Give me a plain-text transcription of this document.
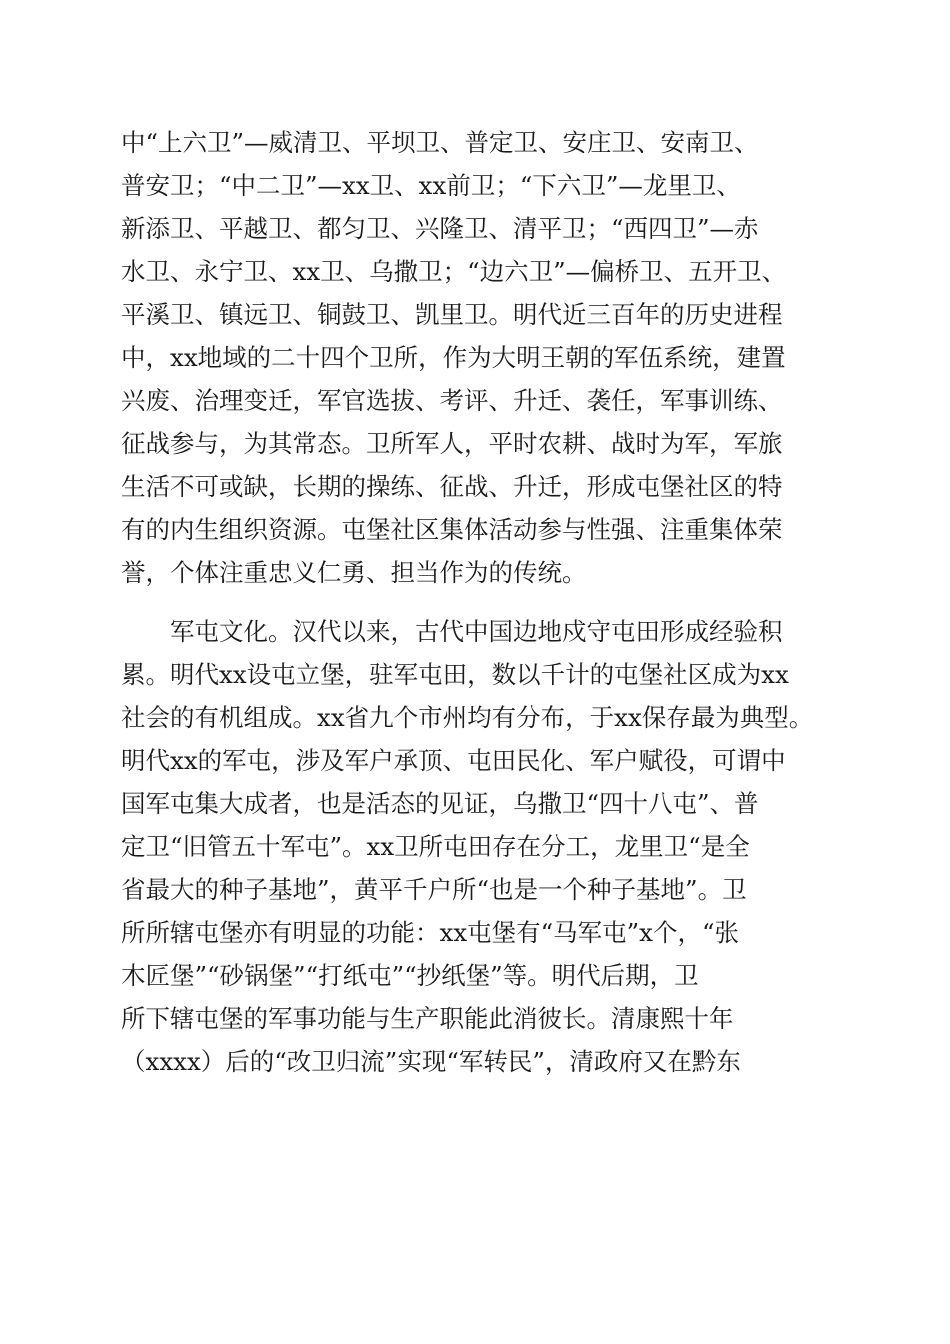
中“上六卫”—威清卫、平坝卫、普定卫、安庄卫、安南卫、
普安卫；“中二卫”—xx卫、xx前卫；“下六卫”—龙里卫、
新添卫、平越卫、都匀卫、兴隆卫、清平卫；“西四卫”—赤
水卫、永宁卫、xx卫、乌撒卫；“边六卫”—偏桥卫、五开卫、
平溪卫、镇远卫、铜鼓卫、凯里卫。明代近三百年的历史进程
中，xx地域的二十四个卫所，作为大明王朝的军伍系统，建置
兴废、治理变迁，军官选拔、考评、升迁、袭任，军事训练、
征战参与，为其常态。卫所军人，平时农耕、战时为军，军旅
生活不可或缺，长期的操练、征战、升迁，形成屯堡社区的特
有的内生组织资源。屯堡社区集体活动参与性强、注重集体荣
誉，个体注重忠义仁勇、担当作为的传统。
军屯文化。汉代以来，古代中国边地戍守屯田形成经验积
累。明代xx设屯立堡，驻军屯田，数以千计的屯堡社区成为xx
社会的有机组成。xx省九个市州均有分布，于xx保存最为典型。
明代xx的军屯，涉及军户承顶、屯田民化、军户赋役，可谓中
国军屯集大成者，也是活态的见证，乌撒卫“四十八屯”、普
定卫“旧管五十军屯”。xx卫所屯田存在分工，龙里卫“是全
省最大的种子基地”，黄平千户所“也是一个种子基地”。卫
所所辖屯堡亦有明显的功能：xx屯堡有“马军屯”x个，“张
木匠堡”“砂锅堡”“打纸屯”“抄纸堡”等。明代后期，卫
所下辖屯堡的军事功能与生产职能此消彼长。清康熙十年
（xxxx）后的“改卫归流”实现“军转民”，清政府又在黔东
